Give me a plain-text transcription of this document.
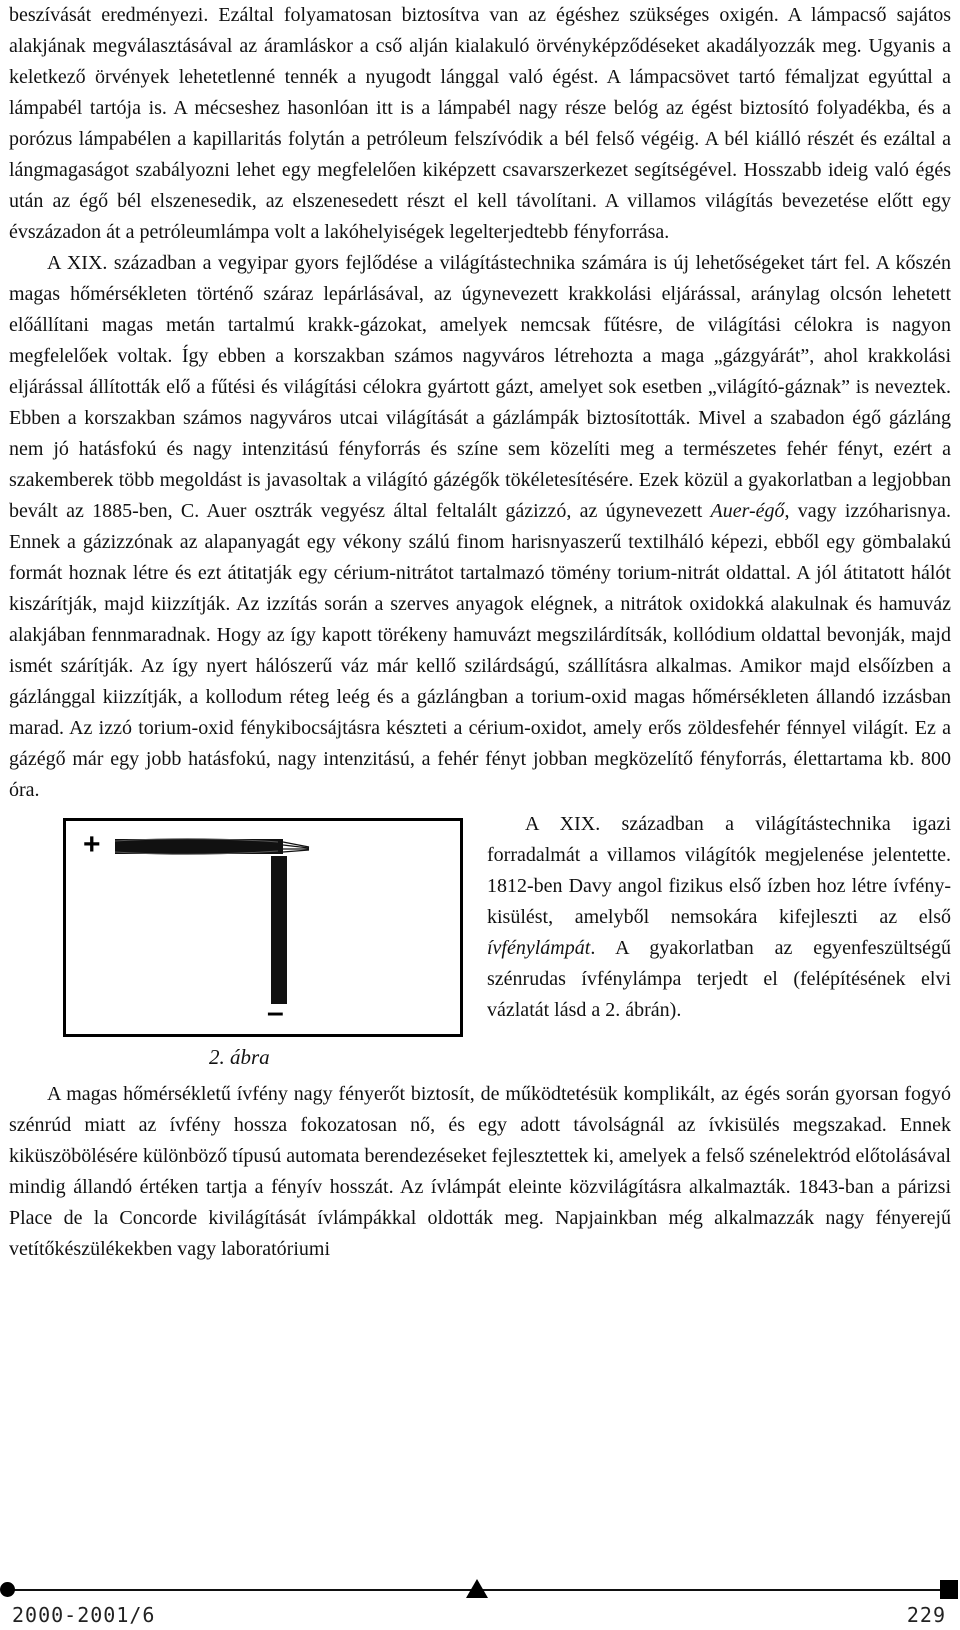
beszívását eredményezi. Ezáltal folyamatosan biztosítva van az égéshez szükséges oxigén. A lámpacső sajátos alakjának megválasztásával az áramláskor a cső alján kialakuló örvényképződéseket akadályozzák meg. Ugyanis a keletkező örvények lehetetlenné tennék a nyugodt lánggal való égést. A lámpacsövet tartó fémaljzat egyúttal a lámpabél tartója is. A mécseshez hasonlóan itt is a lámpabél nagy része belóg az égést biztosító folyadékba, és a porózus lámpabélen a kapillaritás folytán a petróleum felszívódik a bél felső végéig. A bél kiálló részét és ezáltal a lángmagaságot szabályozni lehet egy megfelelően kiképzett csavarszerkezet segítségével. Hosszabb ideig való égés után az égő bél elszenesedik, az elszenesedett részt el kell távolítani. A villamos világítás bevezetése előtt egy évszázadon át a petróleumlámpa volt a lakóhelyiségek legelterjedtebb fényforrása.

A XIX. században a vegyipar gyors fejlődése a világítástechnika számára is új lehetőségeket tárt fel. A kőszén magas hőmérsékleten történő száraz lepárlásával, az úgynevezett krakkolási eljárással, aránylag olcsón lehetett előállítani magas metán tartalmú krakk-gázokat, amelyek nemcsak fűtésre, de világítási célokra is nagyon megfelelőek voltak. Így ebben a korszakban számos nagyváros létrehozta a maga „gázgyárát”, ahol krakkolási eljárással állították elő a fűtési és világítási célokra gyártott gázt, amelyet sok esetben „világító-gáznak” is neveztek. Ebben a korszakban számos nagyváros utcai világítását a gázlámpák biztosították. Mivel a szabadon égő gázláng nem jó hatásfokú és nagy intenzitású fényforrás és színe sem közelíti meg a természetes fehér fényt, ezért a szakemberek több megoldást is javasoltak a világító gázégők tökéletesítésére. Ezek közül a gyakorlatban a legjobban bevált az 1885-ben, C. Auer osztrák vegyész által feltalált gázizzó, az úgynevezett Auer-égő, vagy izzóharisnya. Ennek a gázizzónak az alapanyagát egy vékony szálú finom harisnyaszerű textilháló képezi, ebből egy gömbalakú formát hoznak létre és ezt átitatják egy cérium-nitrátot tartalmazó tömény torium-nitrát oldattal. A jól átitatott hálót kiszárítják, majd kiizzítják. Az izzítás során a szerves anyagok elégnek, a nitrátok oxidokká alakulnak és hamuváz alakjában fennmaradnak. Hogy az így kapott törékeny hamuvázt megszilárdítsák, kollódium oldattal bevonják, majd ismét szárítják. Az így nyert hálószerű váz már kellő szilárdságú, szállításra alkalmas. Amikor majd elsőízben a gázlánggal kiizzítják, a kollodum réteg leég és a gázlángban a torium-oxid magas hőmérsékleten állandó izzásban marad. Az izzó torium-oxid fénykibocsájtásra készteti a cérium-oxidot, amely erős zöldesfehér fénnyel világít. Ez a gázégő már egy jobb hatásfokú, nagy intenzitású, a fehér fényt jobban megközelítő fényforrás, élettartama kb. 800 óra.

+
–
2. ábra

A XIX. században a világítástechnika igazi forradalmát a villamos világítók megjelenése jelentette. 1812-ben Davy angol fizikus első ízben hoz létre ívfénykisülést, amelyből nemsokára kifejleszti az első ívfénylámpát. A gyakorlatban az egyenfeszültségű szénrudas ívfénylámpa terjedt el (felépítésének elvi vázlatát lásd a 2. ábrán).

A magas hőmérsékletű ívfény nagy fényerőt biztosít, de működtetésük komplikált, az égés során gyorsan fogyó szénrúd miatt az ívfény hossza fokozatosan nő, és egy adott távolságnál az ívkisülés megszakad. Ennek kiküszöbölésére különböző típusú automata berendezéseket fejlesztettek ki, amelyek a felső szénelektród előtolásával mindig állandó értéken tartja a fényív hosszát. Az ívlámpát eleinte közvilágításra alkalmazták. 1843-ban a párizsi Place de la Concorde kivilágítását ívlámpákkal oldották meg. Napjainkban még alkalmazzák nagy fényerejű vetítőkészülékekben vagy laboratóriumi

2000-2001/6	229
